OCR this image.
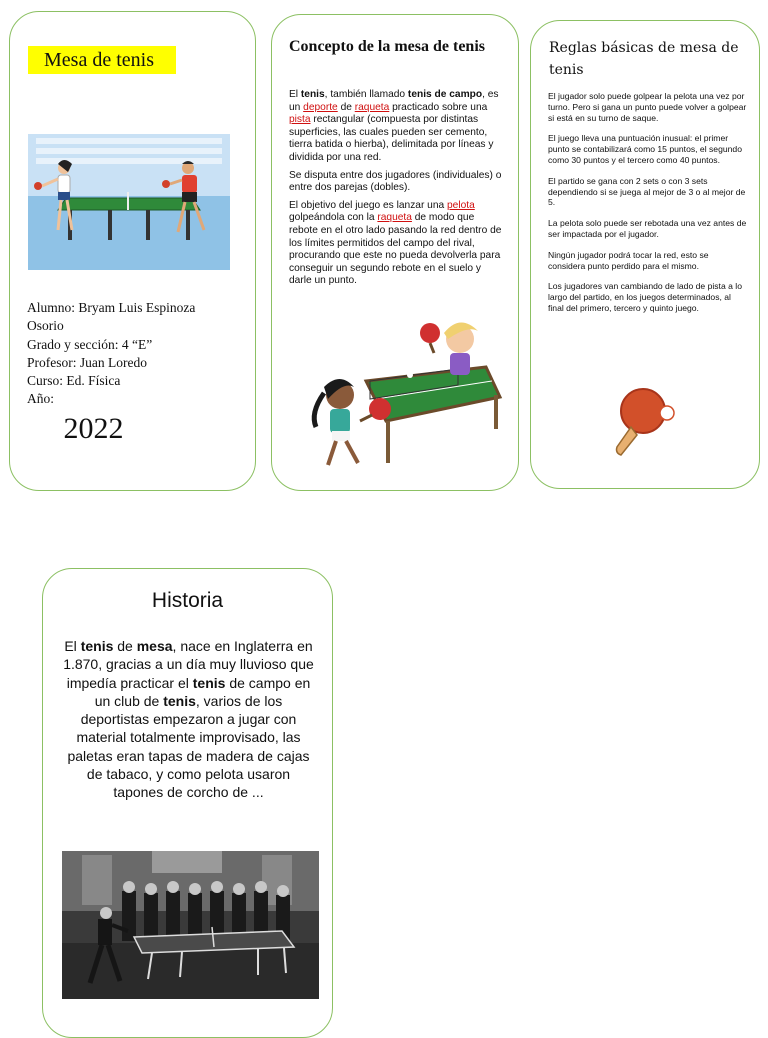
Mesa de tenis
Alumno: Bryam Luis Espinoza
Osorio
Grado y sección: 4 “E”
Profesor: Juan Loredo
Curso: Ed. Física
Año:
2022
Concepto de la mesa de tenis

El tenis, también llamado tenis de campo, es un deporte de raqueta practicado sobre una pista rectangular (compuesta por distintas superficies, las cuales pueden ser cemento, tierra batida o hierba), delimitada por líneas y dividida por una red.

Se disputa entre dos jugadores (individuales) o entre dos parejas (dobles).

El objetivo del juego es lanzar una pelota golpeándola con la raqueta de modo que rebote en el otro lado pasando la red dentro de los límites permitidos del campo del rival, procurando que este no pueda devolverla para conseguir un segundo rebote en el suelo y darle un punto.

Reglas básicas de mesa de tenis

El jugador solo puede golpear la pelota una vez por turno. Pero si gana un punto puede volver a golpear si está en su turno de saque.

El juego lleva una puntuación inusual: el primer punto se contabilizará como 15 puntos, el segundo como 30 puntos y el tercero como 40 puntos.

El partido se gana con 2 sets o con 3 sets dependiendo si se juega al mejor de 3 o al mejor de 5.

La pelota solo puede ser rebotada una vez antes de ser impactada por el jugador.

Ningún jugador podrá tocar la red, esto se considera punto perdido para el mismo.

Los jugadores van cambiando de lado de pista a lo largo del partido, en los juegos determinados, al final del primero, tercero y quinto juego.

Historia
El tenis de mesa, nace en Inglaterra en 1.870, gracias a un día muy lluvioso que impedía practicar el tenis de campo en un club de tenis, varios de los deportistas empezaron a jugar con material totalmente improvisado, las paletas eran tapas de madera de cajas de tabaco, y como pelota usaron tapones de corcho de ...
